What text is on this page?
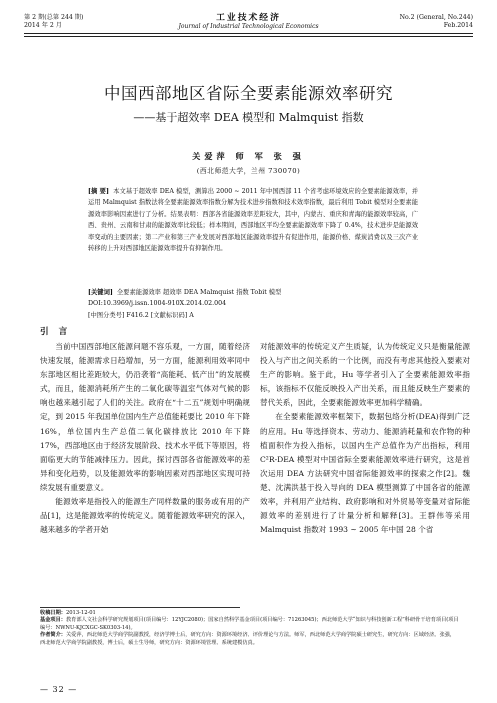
第 2 期(总第 244 期)
2014 年 2 月
工业技术经济
Journal of Industrial Technological Economics
No.2 (General, No.244)
Feb.2014
中国西部地区省际全要素能源效率研究
——基于超效率 DEA 模型和 Malmquist 指数
关爱萍 师 军 张 强
(西北师范大学，兰州 730070)
[摘 要] 本文基于超效率 DEA 模型，测算出 2000 ~ 2011 年中国西部 11 个省考虑环境效应的全要素能源效率，并运用 Malmquist 指数法将全要素能源效率指数分解为技术进步指数和技术效率指数，最后利用 Tobit 模型对全要素能源效率影响因素进行了分析。结果表明：西部各省能源效率差距较大，其中，内蒙古、重庆和青海的能源效率较高，广西、贵州、云南和甘肃的能源效率比较低；样本期间，西部地区平均全要素能源效率下降了 0.4%，技术进步是能源效率变动的主要因素；第二产业和第三产业发展对西部地区能源效率提升有促进作用，能源价格、煤炭消费以及三次产业转移的上升对西部地区能源效率提升有抑制作用。
[关键词] 全要素能源效率 超效率 DEA Malmquist 指数 Tobit 模型
DOI:10.3969/j.issn.1004-910X.2014.02.004
[中图分类号] F416.2 [文献标识码] A
引言

当前中国西部地区能源问题不容乐观，一方面，随着经济快速发展，能源需求日趋增加，另一方面，能源利用效率同中东部地区相比差距较大，仍沿袭着“高能耗、低产出”的发展模式，而且，能源消耗所产生的二氧化碳等温室气体对气候的影响也越来越引起了人们的关注。政府在“十二五”规划中明确规定，到 2015 年我国单位国内生产总值能耗要比 2010 年下降 16%，单位国内生产总值二氧化碳排放比 2010 年下降 17%，西部地区由于经济发展阶段、技术水平低下等原因，将面临更大的节能减排压力。因此，探讨西部各省能源效率的差异和变化趋势，以及能源效率的影响因素对西部地区实现可持续发展有重要意义。

能源效率是指投入的能源生产同样数量的服务或有用的产品[1]，这是能源效率的传统定义。随着能源效率研究的深入，越来越多的学者开始

对能源效率的传统定义产生质疑，认为传统定义只是衡量能源投入与产出之间关系的一个比例，而没有考虑其他投入要素对生产的影响。鉴于此，Hu 等学者引入了全要素能源效率指标，该指标不仅能反映投入产出关系，而且能反映生产要素的替代关系，因此，全要素能源效率更加科学精确。

在全要素能源效率框架下，数据包络分析(DEA)得到广泛的应用。Hu 等选择资本、劳动力、能源消耗量和农作物的种植面积作为投入指标，以国内生产总值作为产出指标，利用 C²R-DEA 模型对中国省际全要素能源效率进行研究，这是首次运用 DEA 方法研究中国省际能源效率的探索之作[2]。魏楚、沈满洪基于投入导向的 DEA 模型测算了中国各省的能源效率，并利用产业结构、政府影响和对外贸易等变量对省际能源效率的差别进行了计量分析和解释[3]。王群伟等采用 Malmquist 指数对 1993 ~ 2005 年中国 28 个省

收稿日期：2013-12-01
基金项目：教育部人文社会科学研究规划项目(项目编号：12YJC2080)；国家自然科学基金项目(项目编号：71263045)；西北师范大学“知识与科技创新工程”科研骨干培育项目(项目编号：NWNU-KJCXGC-SK0303-14)。
作者简介：关爱萍，西北师范大学商学院副教授，经济学博士后，研究方向：资源环境经济、评价理论与方法。师军，西北师范大学商学院硕士研究生，研究方向：区域经济。张强，西北师范大学商学院副教授，博士后，硕士生导师，研究方向：资源环境管理、系统建模仿真。
— 32 —
